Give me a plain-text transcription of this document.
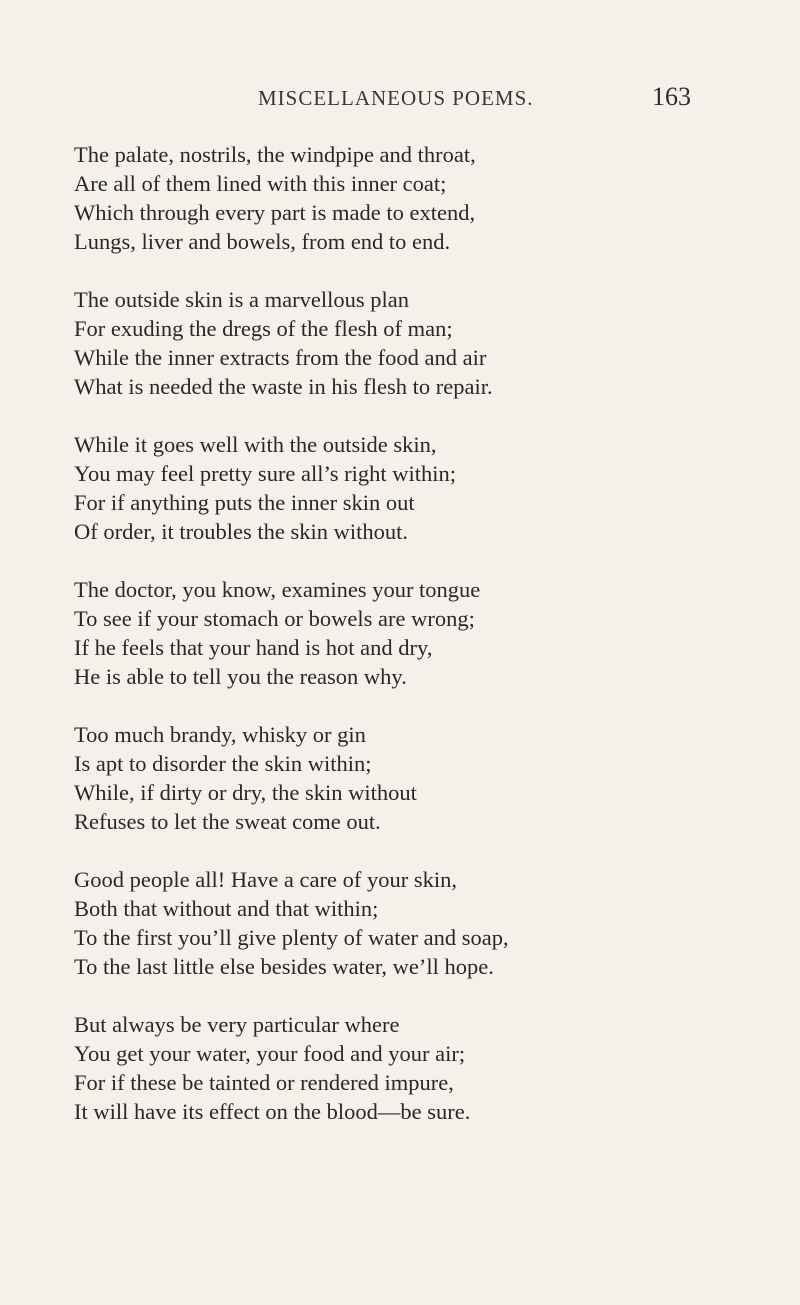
MISCELLANEOUS POEMS.	163
The palate, nostrils, the windpipe and throat,
Are all of them lined with this inner coat;
Which through every part is made to extend,
Lungs, liver and bowels, from end to end.
The outside skin is a marvellous plan
For exuding the dregs of the flesh of man;
While the inner extracts from the food and air
What is needed the waste in his flesh to repair.
While it goes well with the outside skin,
You may feel pretty sure all’s right within;
For if anything puts the inner skin out
Of order, it troubles the skin without.
The doctor, you know, examines your tongue
To see if your stomach or bowels are wrong;
If he feels that your hand is hot and dry,
He is able to tell you the reason why.
Too much brandy, whisky or gin
Is apt to disorder the skin within;
While, if dirty or dry, the skin without
Refuses to let the sweat come out.
Good people all! Have a care of your skin,
Both that without and that within;
To the first you’ll give plenty of water and soap,
To the last little else besides water, we’ll hope.
But always be very particular where
You get your water, your food and your air;
For if these be tainted or rendered impure,
It will have its effect on the blood—be sure.
